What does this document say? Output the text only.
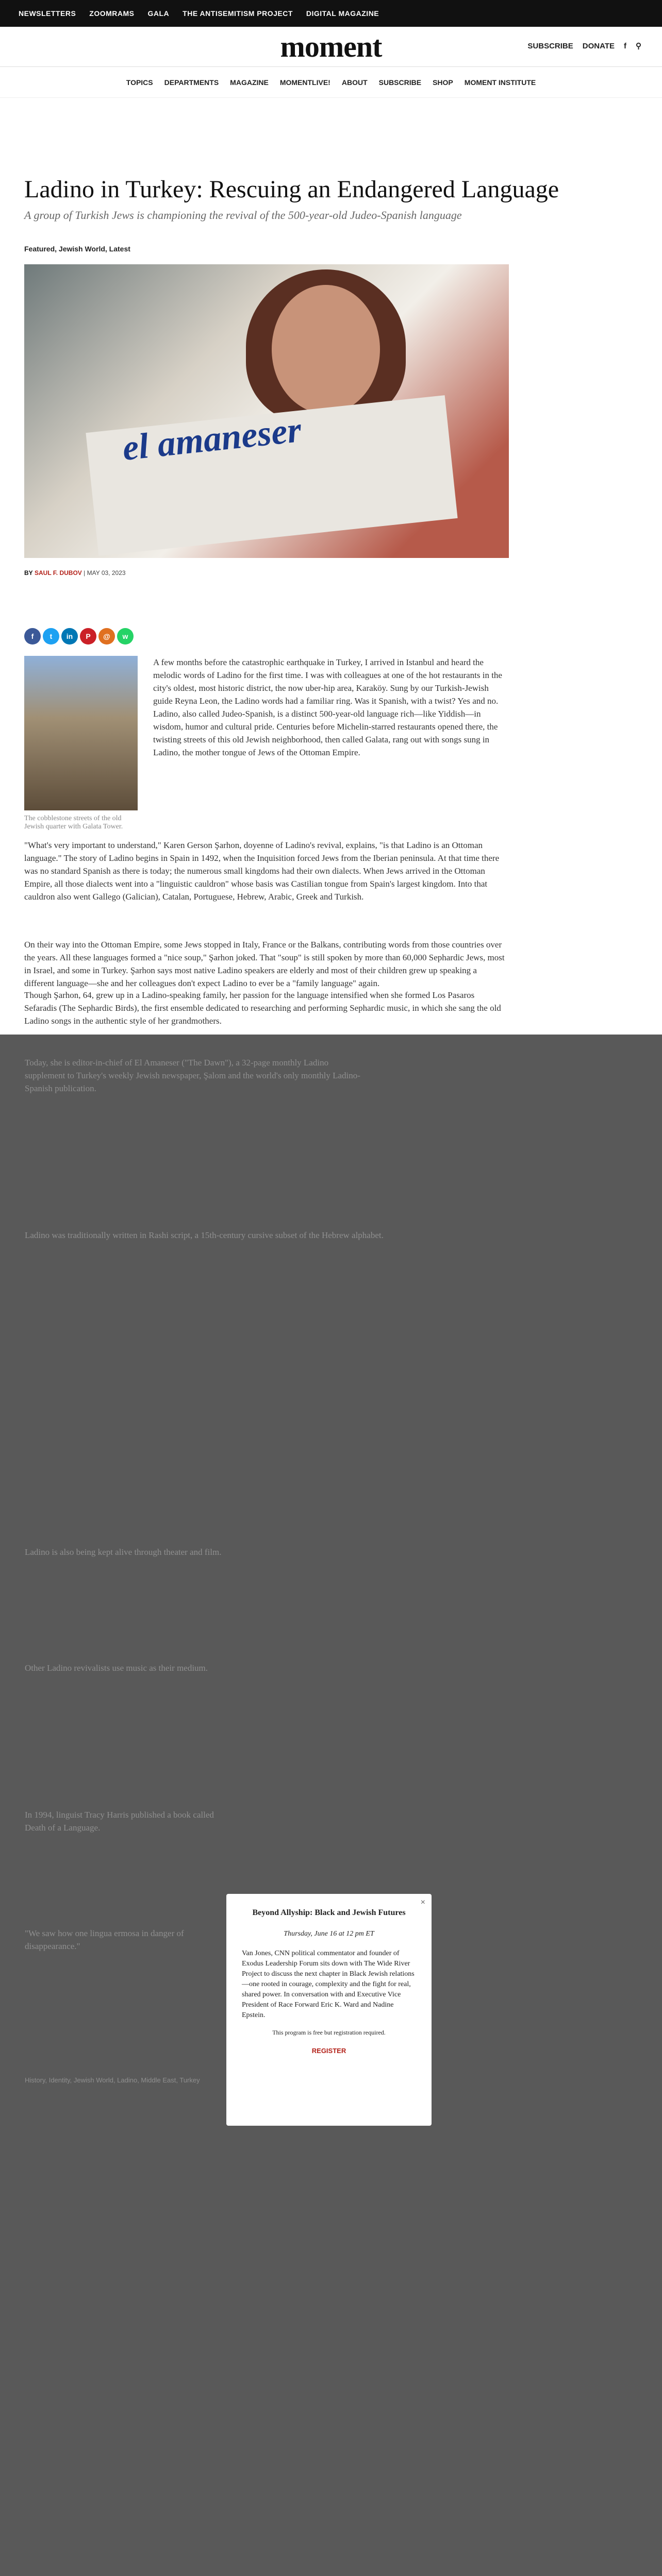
NEWSLETTERS ZOOMRAMS GALA THE ANTISEMITISM PROJECT DIGITAL MAGAZINE
moment	SUBSCRIBE DONATE f ⚲
TOPICS DEPARTMENTS MAGAZINE MOMENTLIVE! ABOUT SUBSCRIBE SHOP MOMENT INSTITUTE
Ladino in Turkey: Rescuing an Endangered Language
A group of Turkish Jews is championing the revival of the 500-year-old Judeo-Spanish language
Featured, Jewish World, Latest
el amaneser
BY SAUL F. DUBOV | MAY 03, 2023
f	t	in	P	@	w
The cobblestone streets of the old Jewish quarter with Galata Tower.

A few months before the catastrophic earthquake in Turkey, I arrived in Istanbul and heard the melodic words of Ladino for the first time. I was with colleagues at one of the hot restaurants in the city's oldest, most historic district, the now uber-hip area, Karaköy. Sung by our Turkish-Jewish guide Reyna Leon, the Ladino words had a familiar ring. Was it Spanish, with a twist? Yes and no. Ladino, also called Judeo-Spanish, is a distinct 500-year-old language rich—like Yiddish—in wisdom, humor and cultural pride. Centuries before Michelin-starred restaurants opened there, the twisting streets of this old Jewish neighborhood, then called Galata, rang out with songs sung in Ladino, the mother tongue of Jews of the Ottoman Empire.

"What's very important to understand," Karen Gerson Şarhon, doyenne of Ladino's revival, explains, "is that Ladino is an Ottoman language." The story of Ladino begins in Spain in 1492, when the Inquisition forced Jews from the Iberian peninsula. At that time there was no standard Spanish as there is today; the numerous small kingdoms had their own dialects. When Jews arrived in the Ottoman Empire, all those dialects went into a "linguistic cauldron" whose basis was Castilian tongue from Spain's largest kingdom. Into that cauldron also went Gallego (Galician), Catalan, Portuguese, Hebrew, Arabic, Greek and Turkish.

On their way into the Ottoman Empire, some Jews stopped in Italy, France or the Balkans, contributing words from those countries over the years. All these languages formed a "nice soup," Şarhon joked. That "soup" is still spoken by more than 60,000 Sephardic Jews, most in Israel, and some in Turkey. Şarhon says most native Ladino speakers are elderly and most of their children grew up speaking a different language—she and her colleagues don't expect Ladino to ever be a "family language" again.

Though Şarhon, 64, grew up in a Ladino-speaking family, her passion for the language intensified when she formed Los Pasaros Sefaradis (The Sephardic Birds), the first ensemble dedicated to researching and performing Sephardic music, in which she sang the old Ladino songs in the authentic style of her grandmothers.

Today, she is editor-in-chief of El Amaneser ("The Dawn"), a 32-page monthly Ladino supplement to Turkey's weekly Jewish newspaper, Şalom and the world's only monthly Ladino-Spanish publication.

Ladino was traditionally written in Rashi script, a 15th-century cursive subset of the Hebrew alphabet.

Ladino is also being kept alive through theater and film.

Other Ladino revivalists use music as their medium.

In 1994, linguist Tracy Harris published a book called Death of a Language.

"We saw how one lingua ermosa in danger of disappearance."

History, Identity, Jewish World, Ladino, Middle East, Turkey

×
Beyond Allyship: Black and Jewish Futures
Thursday, June 16 at 12 pm ET

Van Jones, CNN political commentator and founder of Exodus Leadership Forum sits down with The Wide River Project to discuss the next chapter in Black Jewish relations—one rooted in courage, complexity and the fight for real, shared power. In conversation with and Executive Vice President of Race Forward Eric K. Ward and Nadine Epstein.

This program is free but registration required.

REGISTER
